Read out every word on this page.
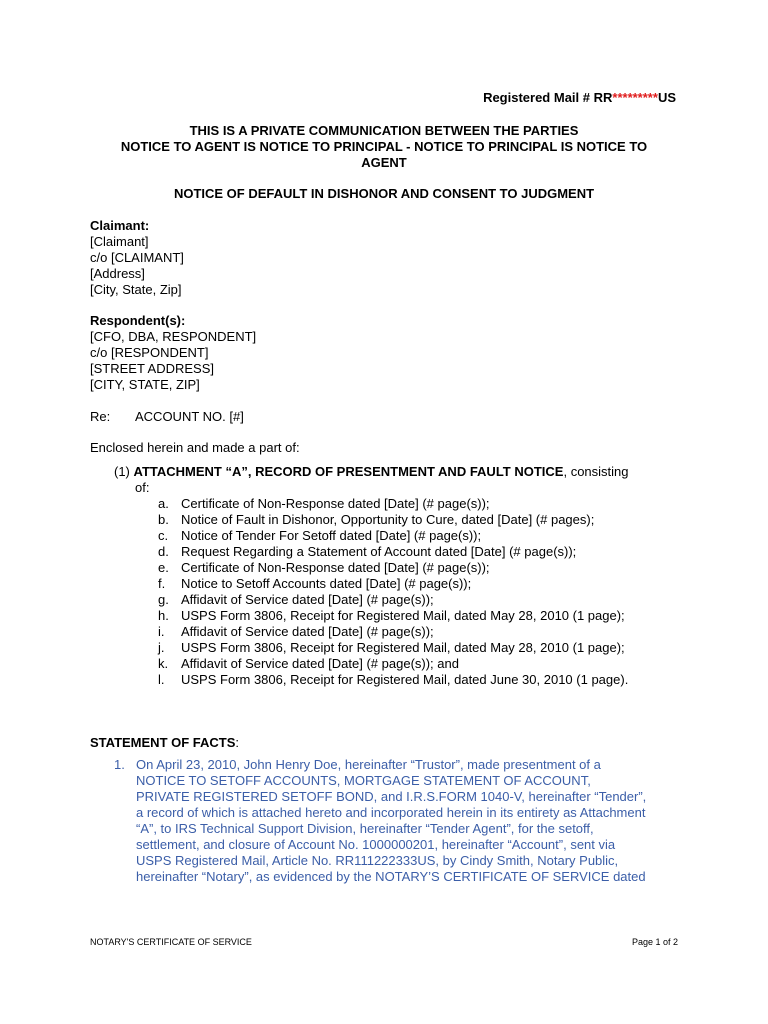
Registered Mail # RR*********US
THIS IS A PRIVATE COMMUNICATION BETWEEN THE PARTIES
NOTICE TO AGENT IS NOTICE TO PRINCIPAL - NOTICE TO PRINCIPAL IS NOTICE TO
AGENT
NOTICE OF DEFAULT IN DISHONOR AND CONSENT TO JUDGMENT
Claimant:
[Claimant]
c/o [CLAIMANT]
[Address]
[City, State, Zip]
Respondent(s):
[CFO, DBA, RESPONDENT]
c/o [RESPONDENT]
[STREET ADDRESS]
[CITY, STATE, ZIP]
Re: ACCOUNT NO. [#]
Enclosed herein and made a part of:
(1) ATTACHMENT “A”, RECORD OF PRESENTMENT AND FAULT NOTICE, consisting
of:
a. Certificate of Non-Response dated [Date] (# page(s));
b. Notice of Fault in Dishonor, Opportunity to Cure, dated [Date] (# pages);
c. Notice of Tender For Setoff dated [Date] (# page(s));
d. Request Regarding a Statement of Account dated [Date] (# page(s));
e. Certificate of Non-Response dated [Date] (# page(s));
f. Notice to Setoff Accounts dated [Date] (# page(s));
g. Affidavit of Service dated [Date] (# page(s));
h. USPS Form 3806, Receipt for Registered Mail, dated May 28, 2010 (1 page);
i. Affidavit of Service dated [Date] (# page(s));
j. USPS Form 3806, Receipt for Registered Mail, dated May 28, 2010 (1 page);
k. Affidavit of Service dated [Date] (# page(s)); and
l. USPS Form 3806, Receipt for Registered Mail, dated June 30, 2010 (1 page).
STATEMENT OF FACTS:
1. On April 23, 2010, John Henry Doe, hereinafter “Trustor”, made presentment of a
NOTICE TO SETOFF ACCOUNTS, MORTGAGE STATEMENT OF ACCOUNT,
PRIVATE REGISTERED SETOFF BOND, and I.R.S.FORM 1040-V, hereinafter “Tender”,
a record of which is attached hereto and incorporated herein in its entirety as Attachment
“A”, to IRS Technical Support Division, hereinafter “Tender Agent”, for the setoff,
settlement, and closure of Account No. 1000000201, hereinafter “Account”, sent via
USPS Registered Mail, Article No. RR111222333US, by Cindy Smith, Notary Public,
hereinafter “Notary”, as evidenced by the NOTARY’S CERTIFICATE OF SERVICE dated
NOTARY'S CERTIFICATE OF SERVICE	Page 1 of 2
